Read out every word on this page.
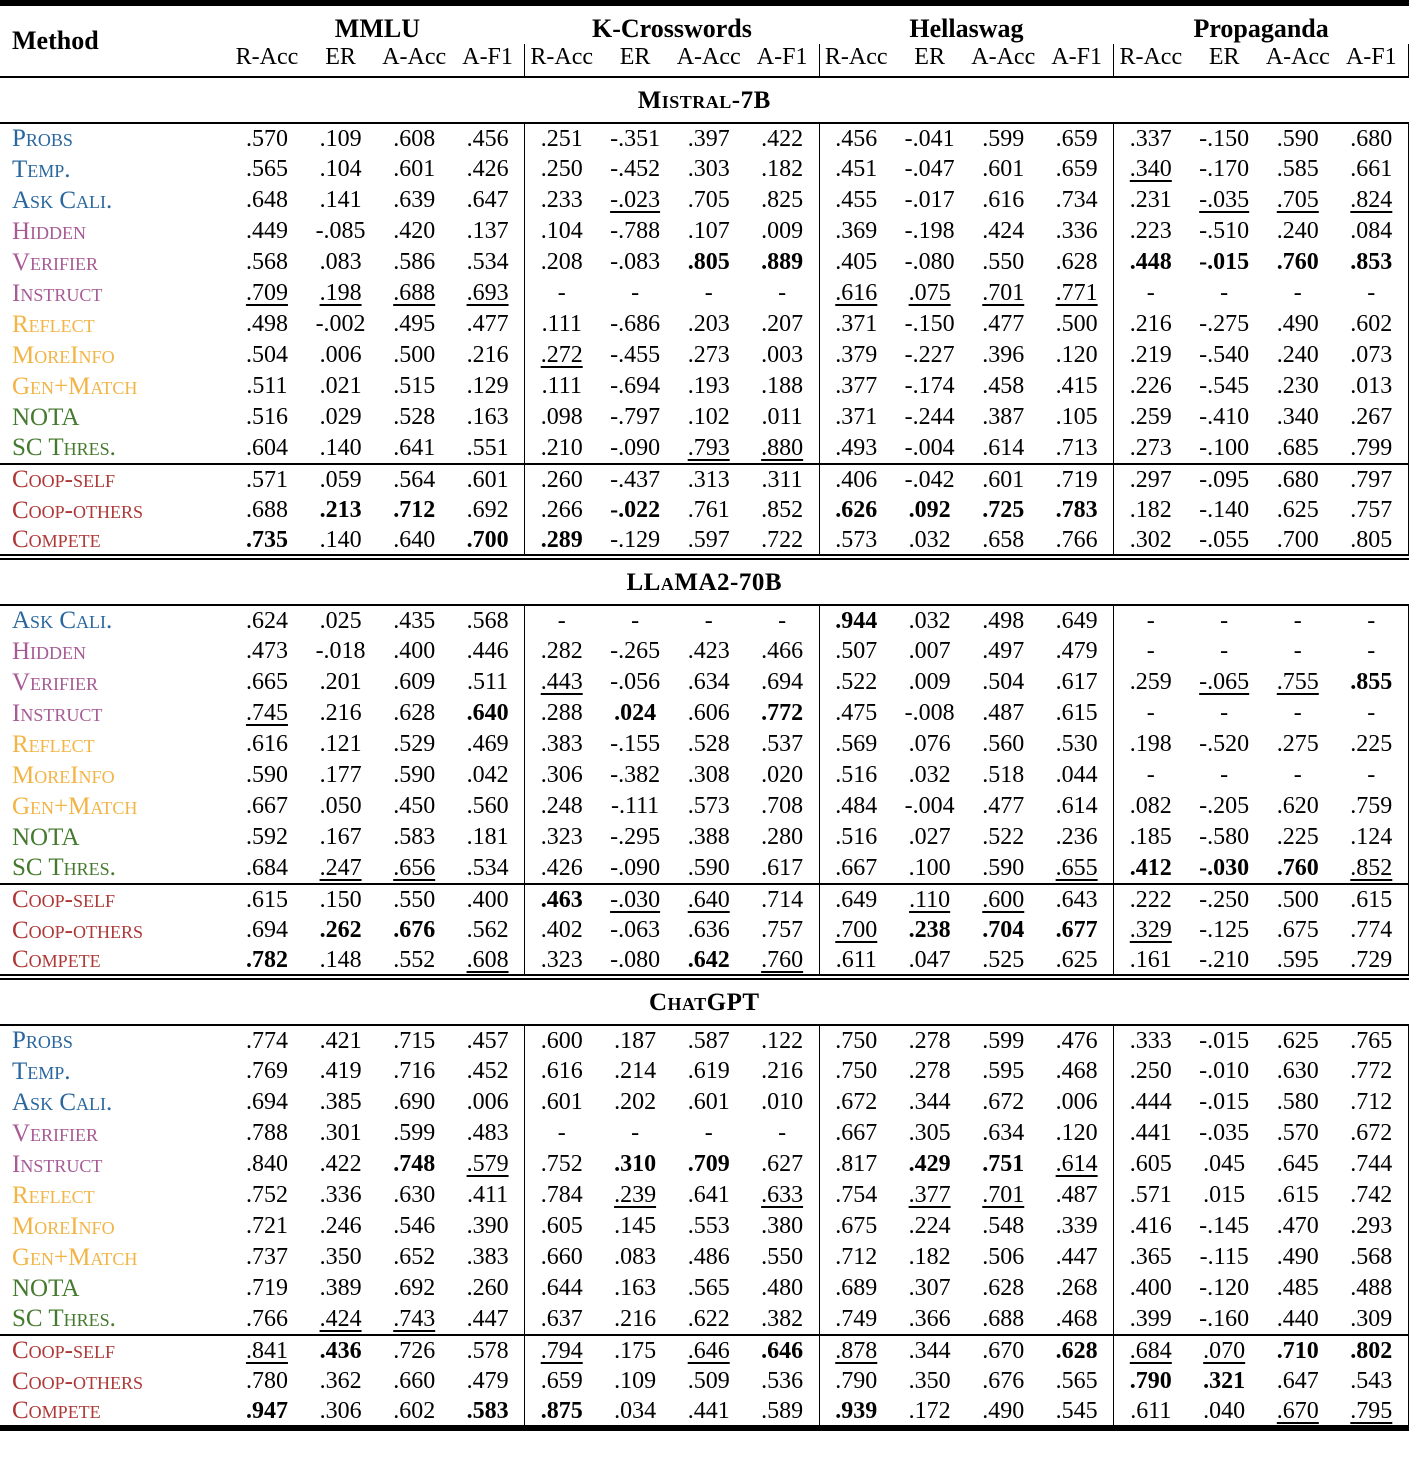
Method	MMLU				K-Crosswords				Hellaswag				Propaganda			
	R-Acc	ER	A-Acc	A-F1	R-Acc	ER	A-Acc	A-F1	R-Acc	ER	A-Acc	A-F1	R-Acc	ER	A-Acc	A-F1
Mistral-7B																
Probs	.570	.109	.608	.456	.251	-.351	.397	.422	.456	-.041	.599	.659	.337	-.150	.590	.680
Temp.	.565	.104	.601	.426	.250	-.452	.303	.182	.451	-.047	.601	.659	.340	-.170	.585	.661
Ask Cali.	.648	.141	.639	.647	.233	-.023	.705	.825	.455	-.017	.616	.734	.231	-.035	.705	.824
Hidden	.449	-.085	.420	.137	.104	-.788	.107	.009	.369	-.198	.424	.336	.223	-.510	.240	.084
Verifier	.568	.083	.586	.534	.208	-.083	.805	.889	.405	-.080	.550	.628	.448	-.015	.760	.853
Instruct	.709	.198	.688	.693	-	-	-	-	.616	.075	.701	.771	-	-	-	-
Reflect	.498	-.002	.495	.477	.111	-.686	.203	.207	.371	-.150	.477	.500	.216	-.275	.490	.602
MoreInfo	.504	.006	.500	.216	.272	-.455	.273	.003	.379	-.227	.396	.120	.219	-.540	.240	.073
Gen+Match	.511	.021	.515	.129	.111	-.694	.193	.188	.377	-.174	.458	.415	.226	-.545	.230	.013
NOTA	.516	.029	.528	.163	.098	-.797	.102	.011	.371	-.244	.387	.105	.259	-.410	.340	.267
SC Thres.	.604	.140	.641	.551	.210	-.090	.793	.880	.493	-.004	.614	.713	.273	-.100	.685	.799
Coop-self	.571	.059	.564	.601	.260	-.437	.313	.311	.406	-.042	.601	.719	.297	-.095	.680	.797
Coop-others	.688	.213	.712	.692	.266	-.022	.761	.852	.626	.092	.725	.783	.182	-.140	.625	.757
Compete	.735	.140	.640	.700	.289	-.129	.597	.722	.573	.032	.658	.766	.302	-.055	.700	.805
LLaMA2-70B																
Ask Cali.	.624	.025	.435	.568	-	-	-	-	.944	.032	.498	.649	-	-	-	-
Hidden	.473	-.018	.400	.446	.282	-.265	.423	.466	.507	.007	.497	.479	-	-	-	-
Verifier	.665	.201	.609	.511	.443	-.056	.634	.694	.522	.009	.504	.617	.259	-.065	.755	.855
Instruct	.745	.216	.628	.640	.288	.024	.606	.772	.475	-.008	.487	.615	-	-	-	-
Reflect	.616	.121	.529	.469	.383	-.155	.528	.537	.569	.076	.560	.530	.198	-.520	.275	.225
MoreInfo	.590	.177	.590	.042	.306	-.382	.308	.020	.516	.032	.518	.044	-	-	-	-
Gen+Match	.667	.050	.450	.560	.248	-.111	.573	.708	.484	-.004	.477	.614	.082	-.205	.620	.759
NOTA	.592	.167	.583	.181	.323	-.295	.388	.280	.516	.027	.522	.236	.185	-.580	.225	.124
SC Thres.	.684	.247	.656	.534	.426	-.090	.590	.617	.667	.100	.590	.655	.412	-.030	.760	.852
Coop-self	.615	.150	.550	.400	.463	-.030	.640	.714	.649	.110	.600	.643	.222	-.250	.500	.615
Coop-others	.694	.262	.676	.562	.402	-.063	.636	.757	.700	.238	.704	.677	.329	-.125	.675	.774
Compete	.782	.148	.552	.608	.323	-.080	.642	.760	.611	.047	.525	.625	.161	-.210	.595	.729
ChatGPT																
Probs	.774	.421	.715	.457	.600	.187	.587	.122	.750	.278	.599	.476	.333	-.015	.625	.765
Temp.	.769	.419	.716	.452	.616	.214	.619	.216	.750	.278	.595	.468	.250	-.010	.630	.772
Ask Cali.	.694	.385	.690	.006	.601	.202	.601	.010	.672	.344	.672	.006	.444	-.015	.580	.712
Verifier	.788	.301	.599	.483	-	-	-	-	.667	.305	.634	.120	.441	-.035	.570	.672
Instruct	.840	.422	.748	.579	.752	.310	.709	.627	.817	.429	.751	.614	.605	.045	.645	.744
Reflect	.752	.336	.630	.411	.784	.239	.641	.633	.754	.377	.701	.487	.571	.015	.615	.742
MoreInfo	.721	.246	.546	.390	.605	.145	.553	.380	.675	.224	.548	.339	.416	-.145	.470	.293
Gen+Match	.737	.350	.652	.383	.660	.083	.486	.550	.712	.182	.506	.447	.365	-.115	.490	.568
NOTA	.719	.389	.692	.260	.644	.163	.565	.480	.689	.307	.628	.268	.400	-.120	.485	.488
SC Thres.	.766	.424	.743	.447	.637	.216	.622	.382	.749	.366	.688	.468	.399	-.160	.440	.309
Coop-self	.841	.436	.726	.578	.794	.175	.646	.646	.878	.344	.670	.628	.684	.070	.710	.802
Coop-others	.780	.362	.660	.479	.659	.109	.509	.536	.790	.350	.676	.565	.790	.321	.647	.543
Compete	.947	.306	.602	.583	.875	.034	.441	.589	.939	.172	.490	.545	.611	.040	.670	.795
